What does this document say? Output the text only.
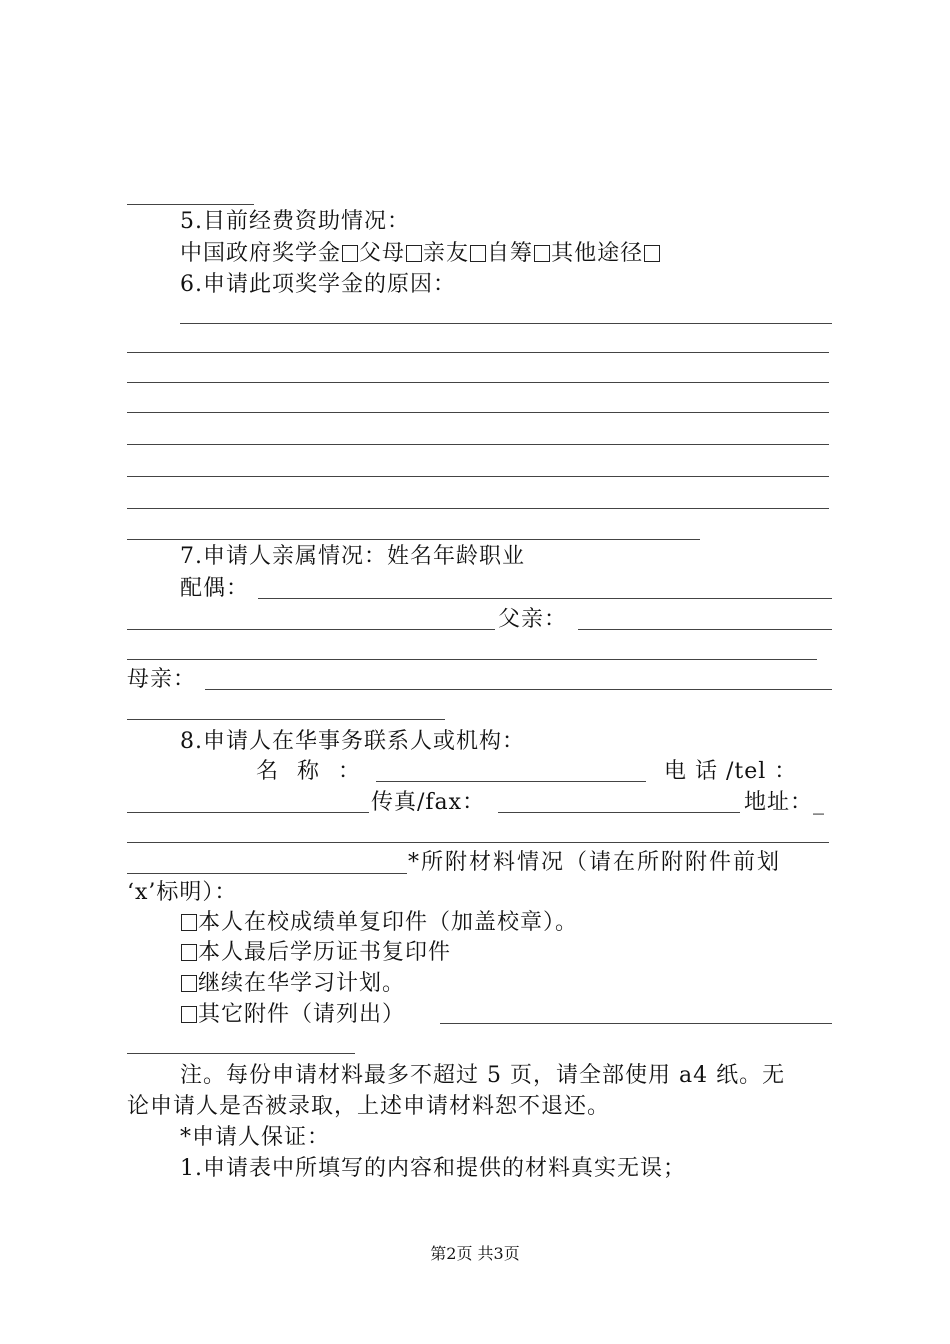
5.目前经费资助情况：
中国政府奖学金 父母 亲友 自筹 其他途径
6.申请此项奖学金的原因：
7.申请人亲属情况：姓名年龄职业
配偶：
父亲：
母亲：
8.申请人在华事务联系人或机构：
名 称 ：	电 话 /tel ：
传真/fax：	地址：_
*所附材料情况（请在所附附件前划
‘x’标明）：
本人在校成绩单复印件（加盖校章）。
本人最后学历证书复印件
继续在华学习计划。
其它附件（请列出）
注。每份申请材料最多不超过 5 页，请全部使用 a4 纸。无
论申请人是否被录取，上述申请材料恕不退还。
*申请人保证：
1.申请表中所填写的内容和提供的材料真实无误；
第2页 共3页
